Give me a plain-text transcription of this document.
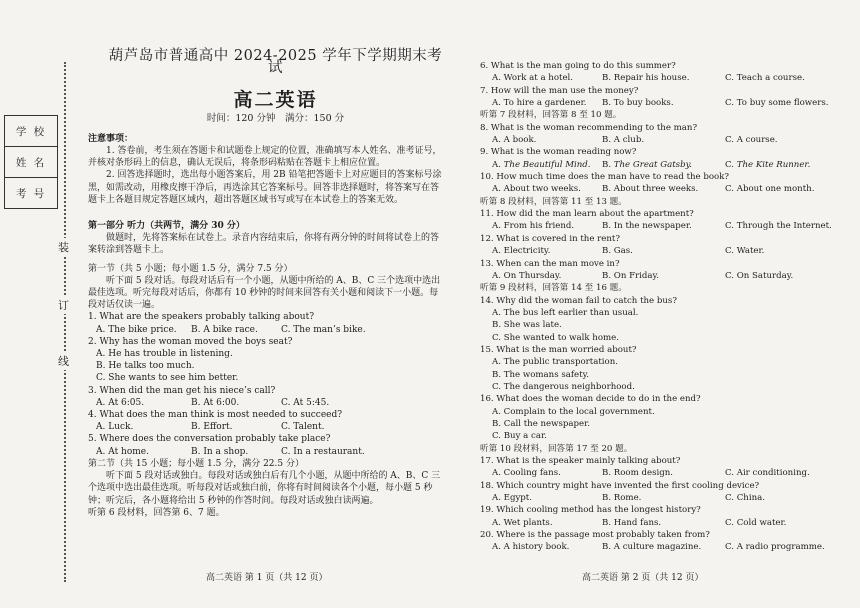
装
订
线
学 校
姓 名
考 号
葫芦岛市普通高中 2024-2025 学年下学期期末考试
高二英语
时间：120 分钟　满分：150 分

注意事项：

1. 答卷前，考生须在答题卡和试题卷上规定的位置，准确填写本人姓名、准考证号，并核对条形码上的信息，确认无误后，将条形码粘贴在答题卡上相应位置。

2. 回答选择题时，选出每小题答案后，用 2B 铅笔把答题卡上对应题目的答案标号涂黑，如需改动，用橡皮擦干净后，再选涂其它答案标号。回答非选择题时，将答案写在答题卡上各题目规定答题区域内，超出答题区域书写或写在本试卷上的答案无效。

第一部分 听力（共两节，满分 30 分）

做题时，先将答案标在试卷上。录音内容结束后，你将有两分钟的时间将试卷上的答案转涂到答题卡上。

第一节（共 5 小题；每小题 1.5 分，满分 7.5 分）

听下面 5 段对话。每段对话后有一个小题，从题中所给的 A、B、C 三个选项中选出最佳选项。听完每段对话后，你都有 10 秒钟的时间来回答有关小题和阅读下一小题。每段对话仅读一遍。

1. What are the speakers probably talking about?

A. The bike price.	B. A bike race.	C. The man’s bike.

2. Why has the woman moved the boys seat?

A. He has trouble in listening.
B. He talks too much.
C. She wants to see him better.

3. When did the man get his niece’s call?

A. At 6:05.	B. At 6:00.	C. At 5:45.

4. What does the man think is most needed to succeed?

A. Luck.	B. Effort.	C. Talent.

5. Where does the conversation probably take place?

A. At home.	B. In a shop.	C. In a restaurant.

第二节（共 15 小题；每小题 1.5 分，满分 22.5 分）

听下面 5 段对话或独白。每段对话或独白后有几个小题，从题中所给的 A、B、C 三个选项中选出最佳选项。听每段对话或独白前，你将有时间阅读各个小题，每小题 5 秒钟；听完后，各小题将给出 5 秒钟的作答时间。每段对话或独白读两遍。

听第 6 段材料，回答第 6、7 题。

6. What is the man going to do this summer?

A. Work at a hotel.	B. Repair his house.	C. Teach a course.

7. How will the man use the money?

A. To hire a gardener.	B. To buy books.	C. To buy some flowers.

听第 7 段材料，回答第 8 至 10 题。

8. What is the woman recommending to the man?

A. A book.	B. A club.	C. A course.

9. What is the woman reading now?

A. The Beautiful Mind.	B. The Great Gatsby.	C. The Kite Runner.

10. How much time does the man have to read the book?

A. About two weeks.	B. About three weeks.	C. About one month.

听第 8 段材料，回答第 11 至 13 题。

11. How did the man learn about the apartment?

A. From his friend.	B. In the newspaper.	C. Through the Internet.

12. What is covered in the rent?

A. Electricity.	B. Gas.	C. Water.

13. When can the man move in?

A. On Thursday.	B. On Friday.	C. On Saturday.

听第 9 段材料，回答第 14 至 16 题。

14. Why did the woman fail to catch the bus?

A. The bus left earlier than usual.
B. She was late.
C. She wanted to walk home.

15. What is the man worried about?

A. The public transportation.
B. The womans safety.
C. The dangerous neighborhood.

16. What does the woman decide to do in the end?

A. Complain to the local government.
B. Call the newspaper.
C. Buy a car.

听第 10 段材料，回答第 17 至 20 题。

17. What is the speaker mainly talking about?

A. Cooling fans.	B. Room design.	C. Air conditioning.

18. Which country might have invented the first cooling device?

A. Egypt.	B. Rome.	C. China.

19. Which cooling method has the longest history?

A. Wet plants.	B. Hand fans.	C. Cold water.

20. Where is the passage most probably taken from?

A. A history book.	B. A culture magazine.	C. A radio programme.
高二英语 第 1 页（共 12 页）	高二英语 第 2 页（共 12 页）
